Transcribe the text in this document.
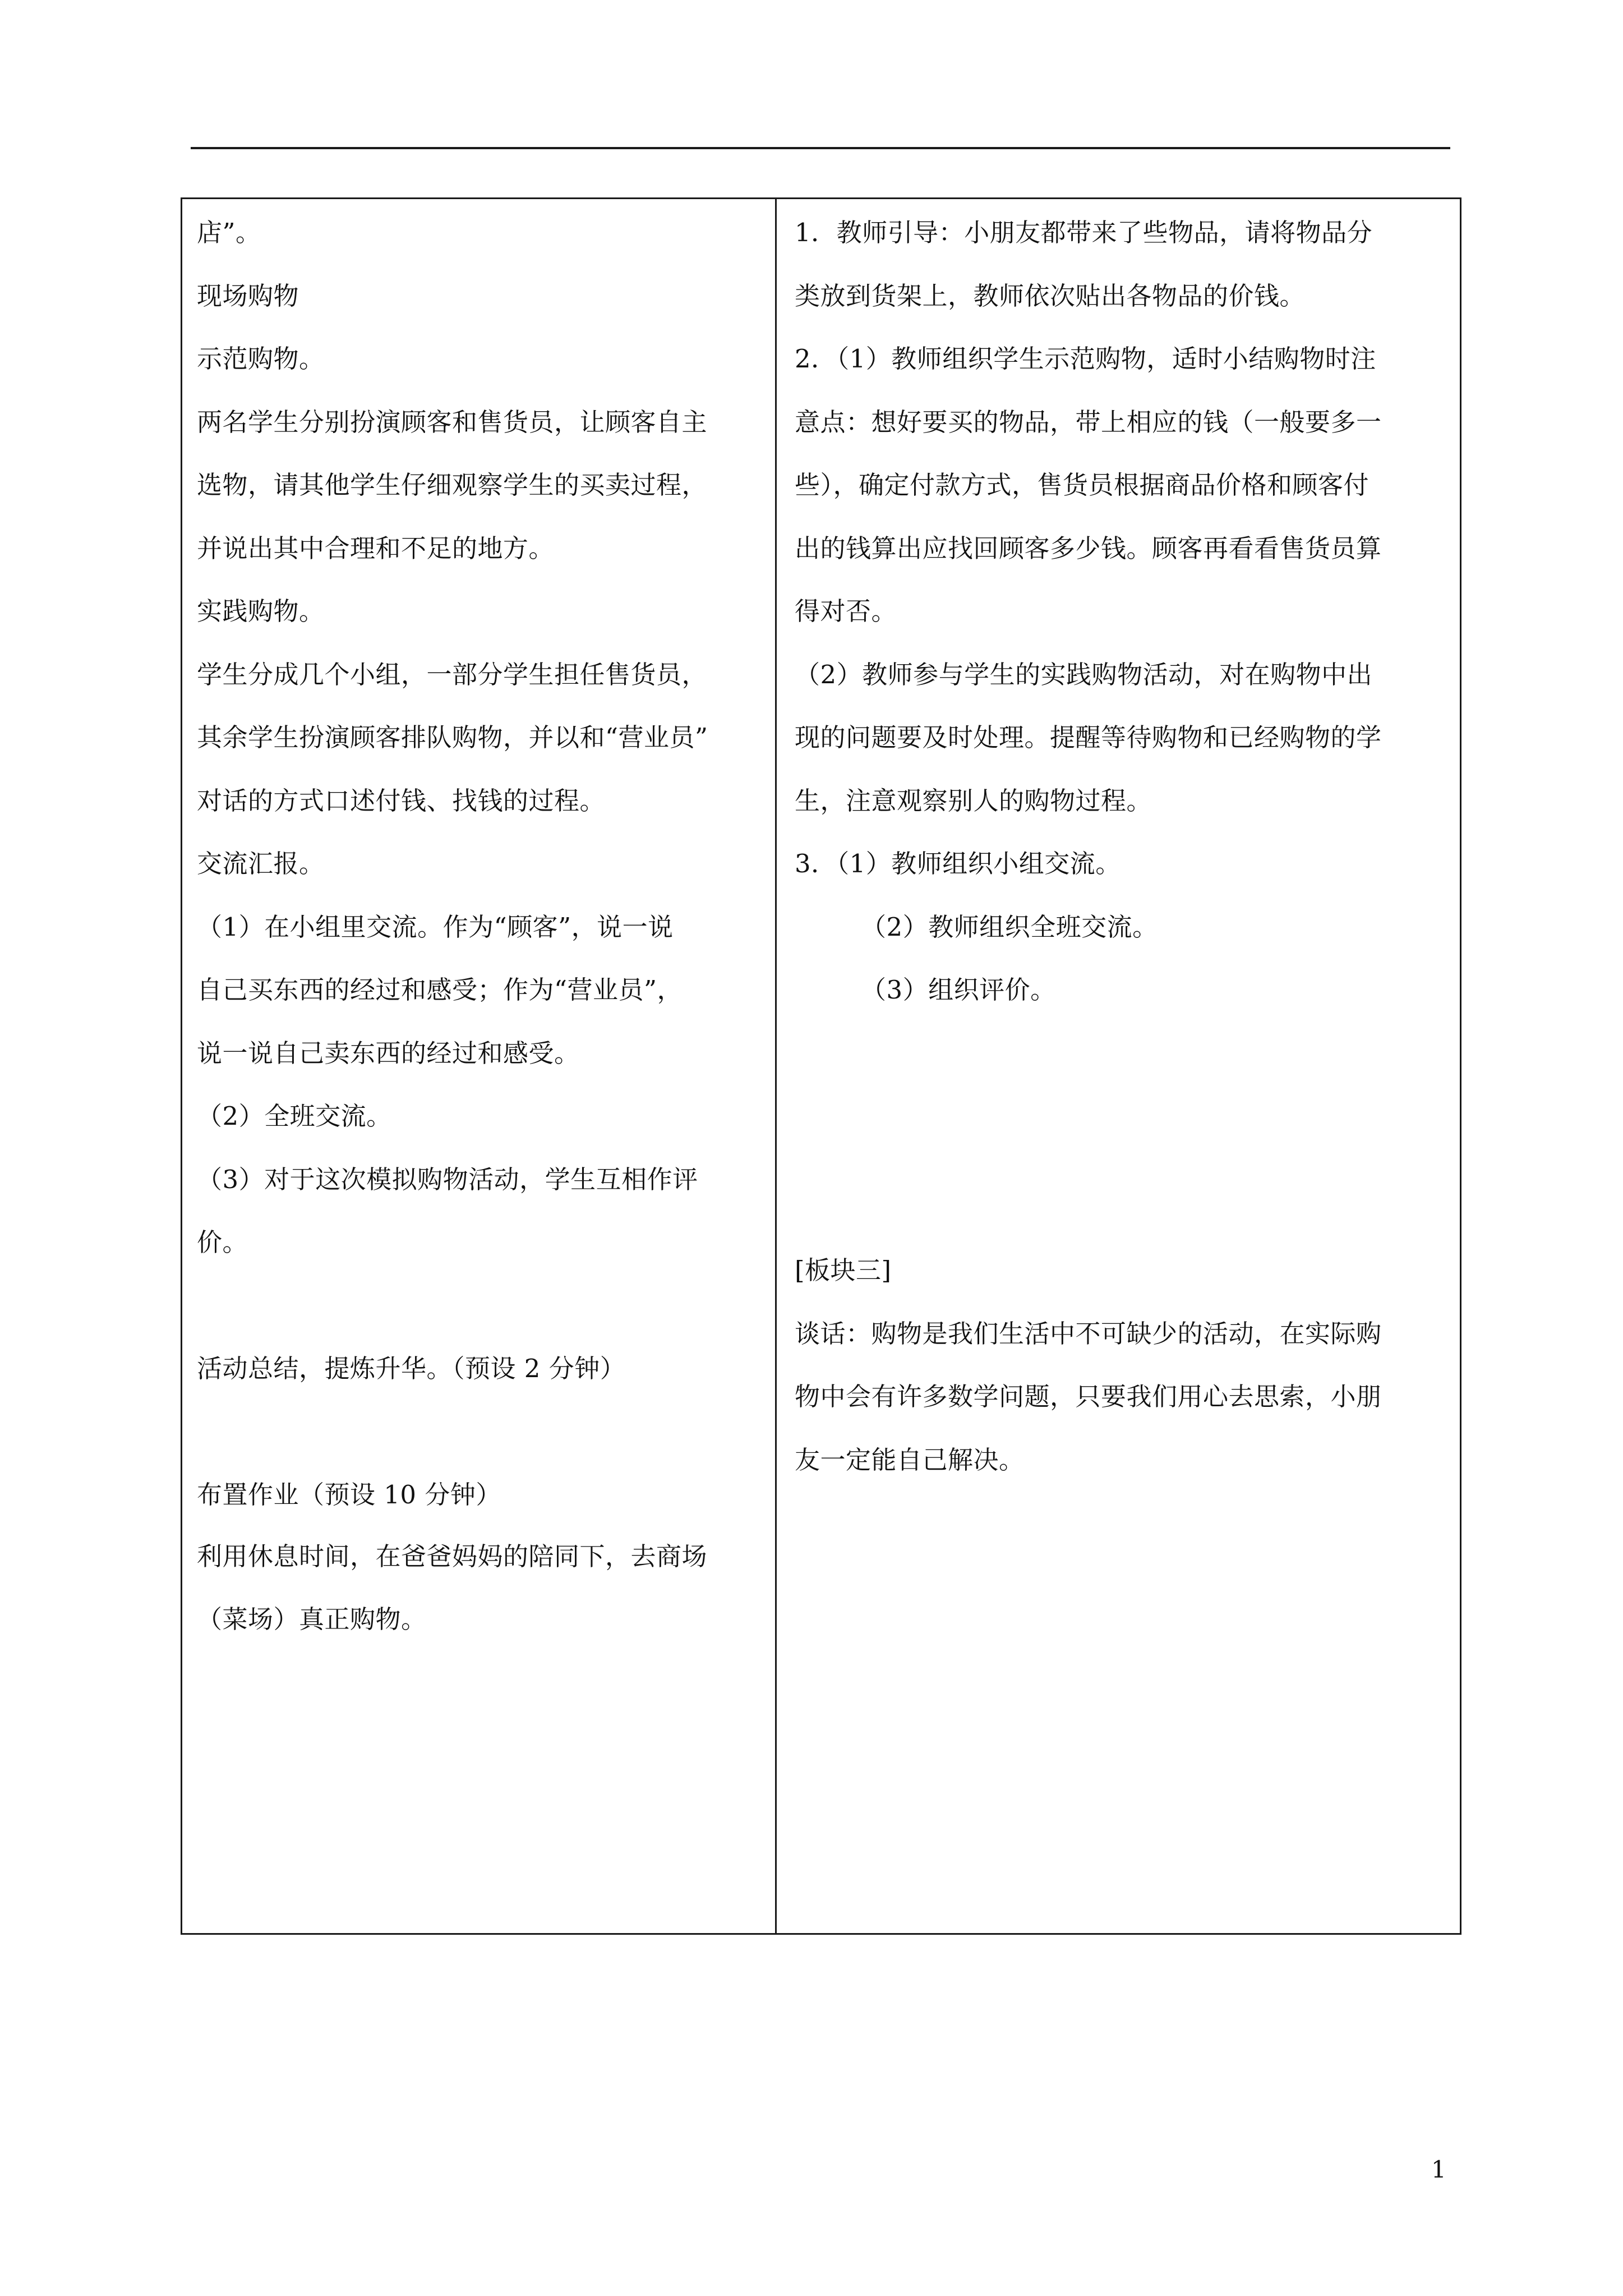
店”。
现场购物
示范购物。
两名学生分别扮演顾客和售货员，让顾客自主
选物，请其他学生仔细观察学生的买卖过程，
并说出其中合理和不足的地方。
实践购物。
学生分成几个小组，一部分学生担任售货员，
其余学生扮演顾客排队购物，并以和“营业员”
对话的方式口述付钱、找钱的过程。
交流汇报。
（1）在小组里交流。作为“顾客”，说一说
自己买东西的经过和感受；作为“营业员”，
说一说自己卖东西的经过和感受。
（2）全班交流。
（3）对于这次模拟购物活动，学生互相作评
价。
活动总结，提炼升华。（预设 2 分钟）
布置作业（预设 10 分钟）
利用休息时间，在爸爸妈妈的陪同下，去商场
（菜场）真正购物。
1．教师引导：小朋友都带来了些物品，请将物品分
类放到货架上，教师依次贴出各物品的价钱。
2．（1）教师组织学生示范购物，适时小结购物时注
意点：想好要买的物品，带上相应的钱（一般要多一
些），确定付款方式，售货员根据商品价格和顾客付
出的钱算出应找回顾客多少钱。顾客再看看售货员算
得对否。
（2）教师参与学生的实践购物活动，对在购物中出
现的问题要及时处理。提醒等待购物和已经购物的学
生，注意观察别人的购物过程。
3．（1）教师组织小组交流。
（2）教师组织全班交流。
（3）组织评价。
[板块三]
谈话：购物是我们生活中不可缺少的活动，在实际购
物中会有许多数学问题，只要我们用心去思索，小朋
友一定能自己解决。
1
